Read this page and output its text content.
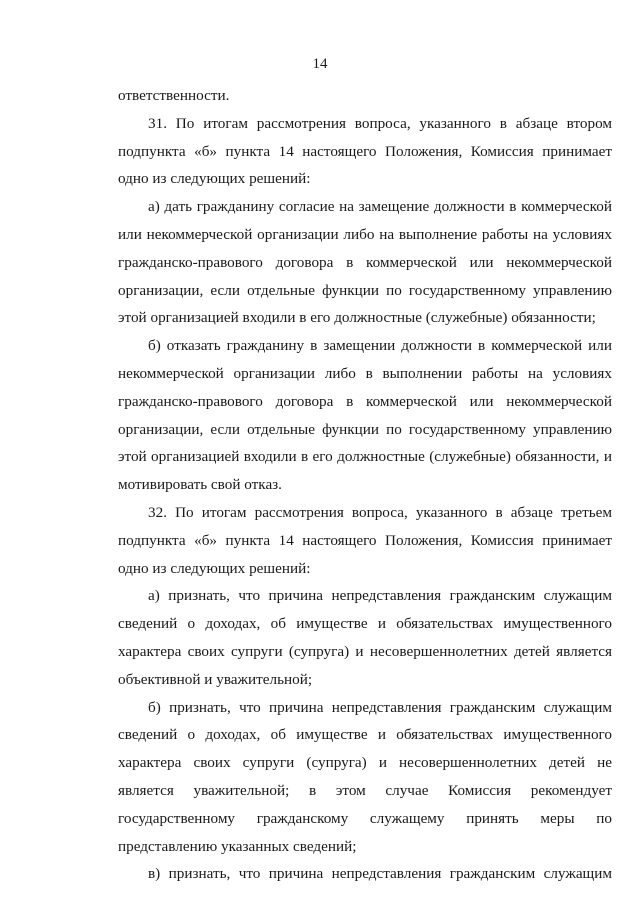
14

ответственности.

31. По итогам рассмотрения вопроса, указанного в абзаце втором подпункта «б» пункта 14 настоящего Положения, Комиссия принимает одно из следующих решений:

а) дать гражданину согласие на замещение должности в коммерческой или некоммерческой организации либо на выполнение работы на условиях гражданско-правового договора в коммерческой или некоммерческой организации, если отдельные функции по государственному управлению этой организацией входили в его должностные (служебные) обязанности;

б) отказать гражданину в замещении должности в коммерческой или некоммерческой организации либо в выполнении работы на условиях гражданско-правового договора в коммерческой или некоммерческой организации, если отдельные функции по государственному управлению этой организацией входили в его должностные (служебные) обязанности, и мотивировать свой отказ.

32. По итогам рассмотрения вопроса, указанного в абзаце третьем подпункта «б» пункта 14 настоящего Положения, Комиссия принимает одно из следующих решений:

а) признать, что причина непредставления гражданским служащим сведений о доходах, об имуществе и обязательствах имущественного характера своих супруги (супруга) и несовершеннолетних детей является объективной и уважительной;

б) признать, что причина непредставления гражданским служащим сведений о доходах, об имуществе и обязательствах имущественного характера своих супруги (супруга) и несовершеннолетних детей не является уважительной; в этом случае Комиссия рекомендует государственному гражданскому служащему принять меры по представлению указанных сведений;

в) признать, что причина непредставления гражданским служащим
